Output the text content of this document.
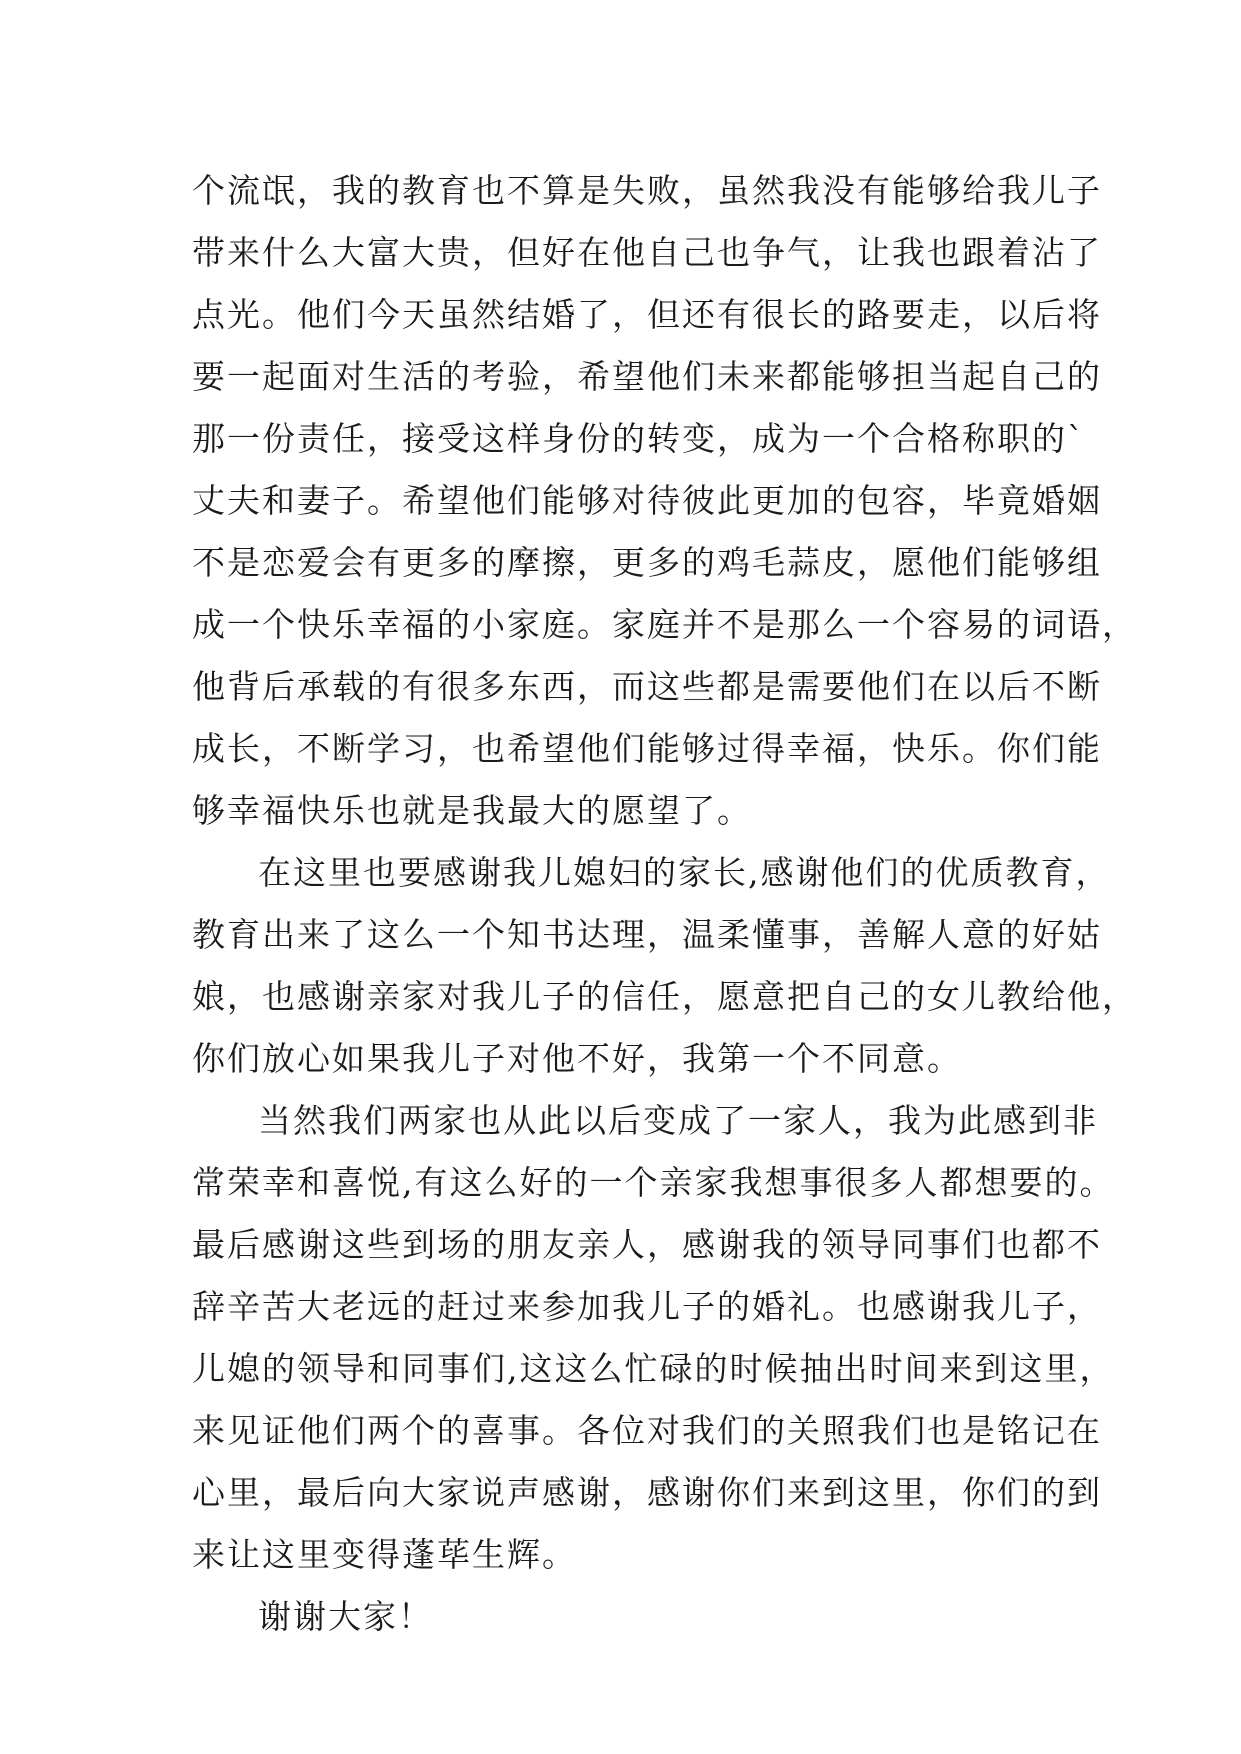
个流氓，我的教育也不算是失败，虽然我没有能够给我儿子
带来什么大富大贵，但好在他自己也争气，让我也跟着沾了
点光。他们今天虽然结婚了，但还有很长的路要走，以后将
要一起面对生活的考验，希望他们未来都能够担当起自己的
那一份责任，接受这样身份的转变，成为一个合格称职的`
丈夫和妻子。希望他们能够对待彼此更加的包容，毕竟婚姻
不是恋爱会有更多的摩擦，更多的鸡毛蒜皮，愿他们能够组
成一个快乐幸福的小家庭。家庭并不是那么一个容易的词语，
他背后承载的有很多东西，而这些都是需要他们在以后不断
成长，不断学习，也希望他们能够过得幸福，快乐。你们能
够幸福快乐也就是我最大的愿望了。
在这里也要感谢我儿媳妇的家长,感谢他们的优质教育，
教育出来了这么一个知书达理，温柔懂事，善解人意的好姑
娘，也感谢亲家对我儿子的信任，愿意把自己的女儿教给他，
你们放心如果我儿子对他不好，我第一个不同意。
当然我们两家也从此以后变成了一家人，我为此感到非
常荣幸和喜悦,有这么好的一个亲家我想事很多人都想要的。
最后感谢这些到场的朋友亲人，感谢我的领导同事们也都不
辞辛苦大老远的赶过来参加我儿子的婚礼。也感谢我儿子，
儿媳的领导和同事们,这这么忙碌的时候抽出时间来到这里，
来见证他们两个的喜事。各位对我们的关照我们也是铭记在
心里，最后向大家说声感谢，感谢你们来到这里，你们的到
来让这里变得蓬荜生辉。
谢谢大家！
